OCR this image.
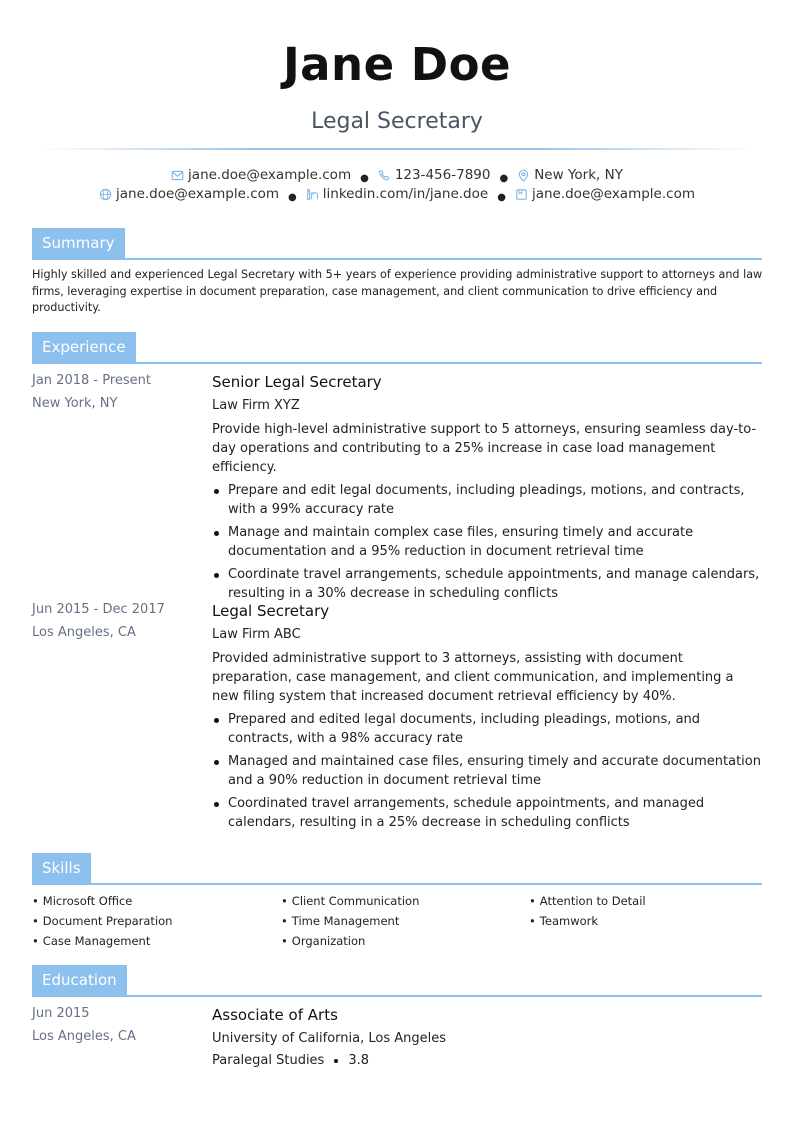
Jane Doe
Legal Secretary
jane.doe@example.com ● 123-456-7890 ● New York, NY
jane.doe@example.com ● linkedin.com/in/jane.doe ● jane.doe@example.com
Summary
Highly skilled and experienced Legal Secretary with 5+ years of experience providing administrative support to attorneys and law firms, leveraging expertise in document preparation, case management, and client communication to drive efficiency and productivity.
Experience
Jan 2018 - Present
New York, NY
Senior Legal Secretary
Law Firm XYZ
Provide high-level administrative support to 5 attorneys, ensuring seamless day-to-day operations and contributing to a 25% increase in case load management efficiency.
Prepare and edit legal documents, including pleadings, motions, and contracts, with a 99% accuracy rate
Manage and maintain complex case files, ensuring timely and accurate documentation and a 95% reduction in document retrieval time
Coordinate travel arrangements, schedule appointments, and manage calendars, resulting in a 30% decrease in scheduling conflicts
Jun 2015 - Dec 2017
Los Angeles, CA
Legal Secretary
Law Firm ABC
Provided administrative support to 3 attorneys, assisting with document preparation, case management, and client communication, and implementing a new filing system that increased document retrieval efficiency by 40%.
Prepared and edited legal documents, including pleadings, motions, and contracts, with a 98% accuracy rate
Managed and maintained case files, ensuring timely and accurate documentation and a 90% reduction in document retrieval time
Coordinated travel arrangements, schedule appointments, and managed calendars, resulting in a 25% decrease in scheduling conflicts
Skills
• Microsoft Office
• Document Preparation
• Case Management
• Client Communication
• Time Management
• Organization
• Attention to Detail
• Teamwork
Education
Jun 2015
Los Angeles, CA
Associate of Arts
University of California, Los Angeles
Paralegal Studies 3.8
